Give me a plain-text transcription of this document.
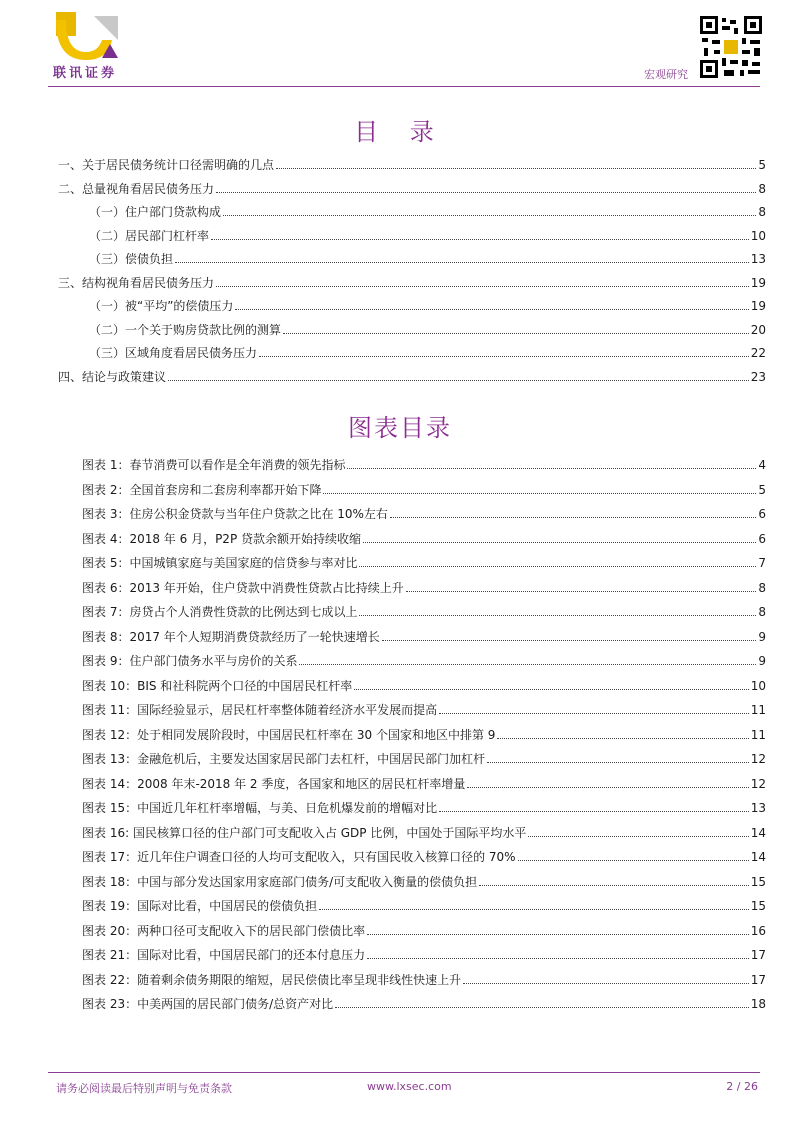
联讯证券	宏观研究
目 录
一、关于居民债务统计口径需明确的几点	5
二、总量视角看居民债务压力	8
（一）住户部门贷款构成	8
（二）居民部门杠杆率	10
（三）偿债负担	13
三、结构视角看居民债务压力	19
（一）被“平均”的偿债压力	19
（二）一个关于购房贷款比例的测算	20
（三）区域角度看居民债务压力	22
四、结论与政策建议	23
图表目录
图表 1：春节消费可以看作是全年消费的领先指标	4
图表 2：全国首套房和二套房利率都开始下降	5
图表 3：住房公积金贷款与当年住户贷款之比在 10%左右	6
图表 4：2018 年 6 月，P2P 贷款余额开始持续收缩	6
图表 5：中国城镇家庭与美国家庭的信贷参与率对比	7
图表 6：2013 年开始，住户贷款中消费性贷款占比持续上升	8
图表 7：房贷占个人消费性贷款的比例达到七成以上	8
图表 8：2017 年个人短期消费贷款经历了一轮快速增长	9
图表 9：住户部门债务水平与房价的关系	9
图表 10：BIS 和社科院两个口径的中国居民杠杆率	10
图表 11：国际经验显示，居民杠杆率整体随着经济水平发展而提高	11
图表 12：处于相同发展阶段时，中国居民杠杆率在 30 个国家和地区中排第 9	11
图表 13：金融危机后，主要发达国家居民部门去杠杆，中国居民部门加杠杆	12
图表 14：2008 年末-2018 年 2 季度，各国家和地区的居民杠杆率增量	12
图表 15：中国近几年杠杆率增幅，与美、日危机爆发前的增幅对比	13
图表 16: 国民核算口径的住户部门可支配收入占 GDP 比例，中国处于国际平均水平	14
图表 17：近几年住户调查口径的人均可支配收入，只有国民收入核算口径的 70%	14
图表 18：中国与部分发达国家用家庭部门债务/可支配收入衡量的偿债负担	15
图表 19：国际对比看，中国居民的偿债负担	15
图表 20：两种口径可支配收入下的居民部门偿债比率	16
图表 21：国际对比看，中国居民部门的还本付息压力	17
图表 22：随着剩余债务期限的缩短，居民偿债比率呈现非线性快速上升	17
图表 23：中美两国的居民部门债务/总资产对比	18
请务必阅读最后特别声明与免责条款	www.lxsec.com	2 / 26
